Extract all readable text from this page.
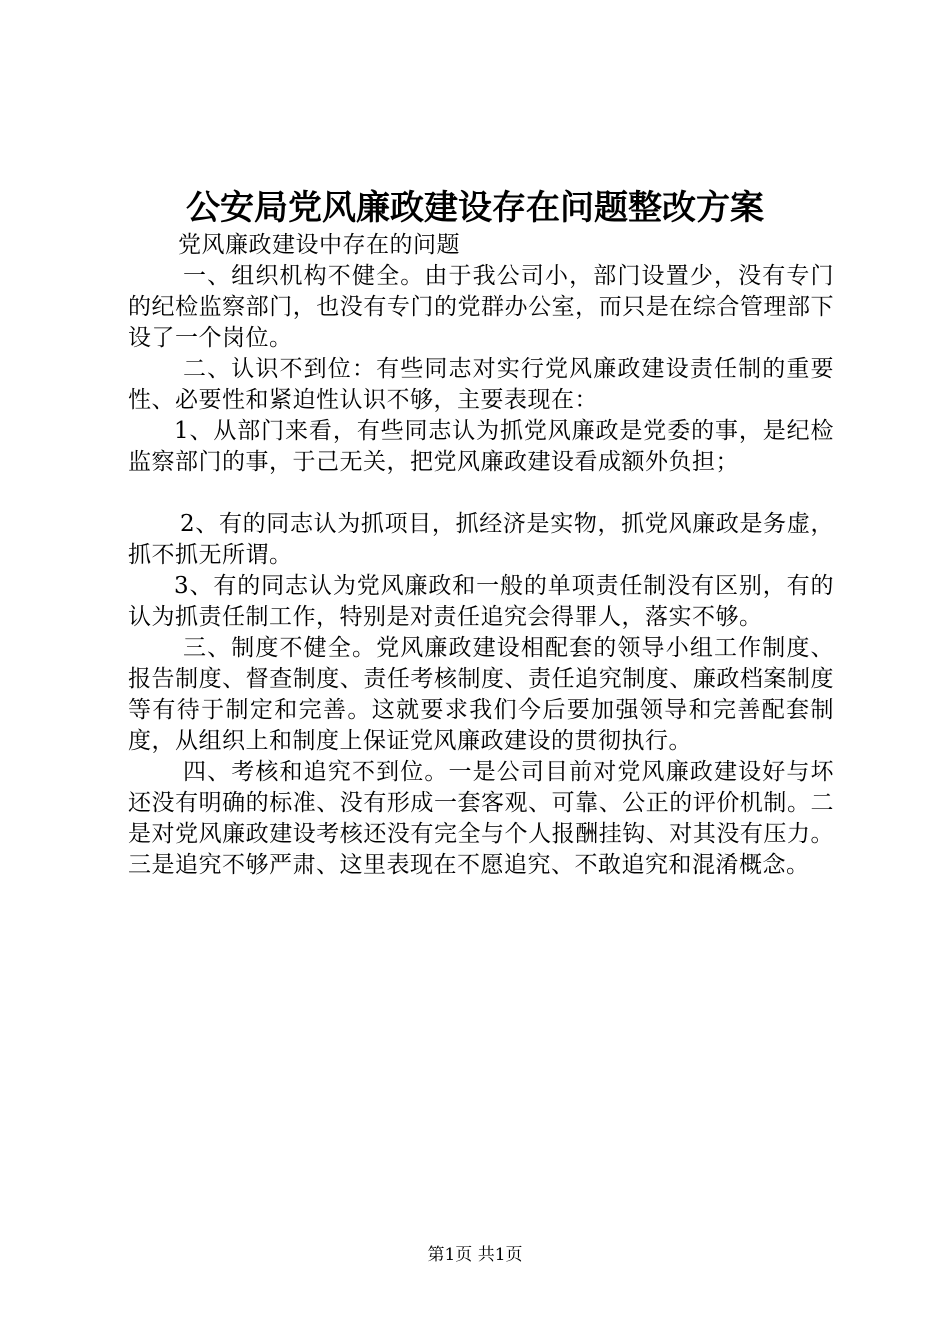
公安局党风廉政建设存在问题整改方案

党风廉政建设中存在的问题

一、组织机构不健全。由于我公司小，部门设置少，没有专门的纪检监察部门，也没有专门的党群办公室，而只是在综合管理部下设了一个岗位。

二、认识不到位：有些同志对实行党风廉政建设责任制的重要性、必要性和紧迫性认识不够，主要表现在：

1、从部门来看，有些同志认为抓党风廉政是党委的事，是纪检监察部门的事，于己无关，把党风廉政建设看成额外负担；

2、有的同志认为抓项目，抓经济是实物，抓党风廉政是务虚，抓不抓无所谓。

3、有的同志认为党风廉政和一般的单项责任制没有区别，有的认为抓责任制工作，特别是对责任追究会得罪人，落实不够。

三、制度不健全。党风廉政建设相配套的领导小组工作制度、报告制度、督查制度、责任考核制度、责任追究制度、廉政档案制度等有待于制定和完善。这就要求我们今后要加强领导和完善配套制度，从组织上和制度上保证党风廉政建设的贯彻执行。

四、考核和追究不到位。一是公司目前对党风廉政建设好与坏还没有明确的标准、没有形成一套客观、可靠、公正的评价机制。二是对党风廉政建设考核还没有完全与个人报酬挂钩、对其没有压力。三是追究不够严肃、这里表现在不愿追究、不敢追究和混淆概念。

第1页 共1页
